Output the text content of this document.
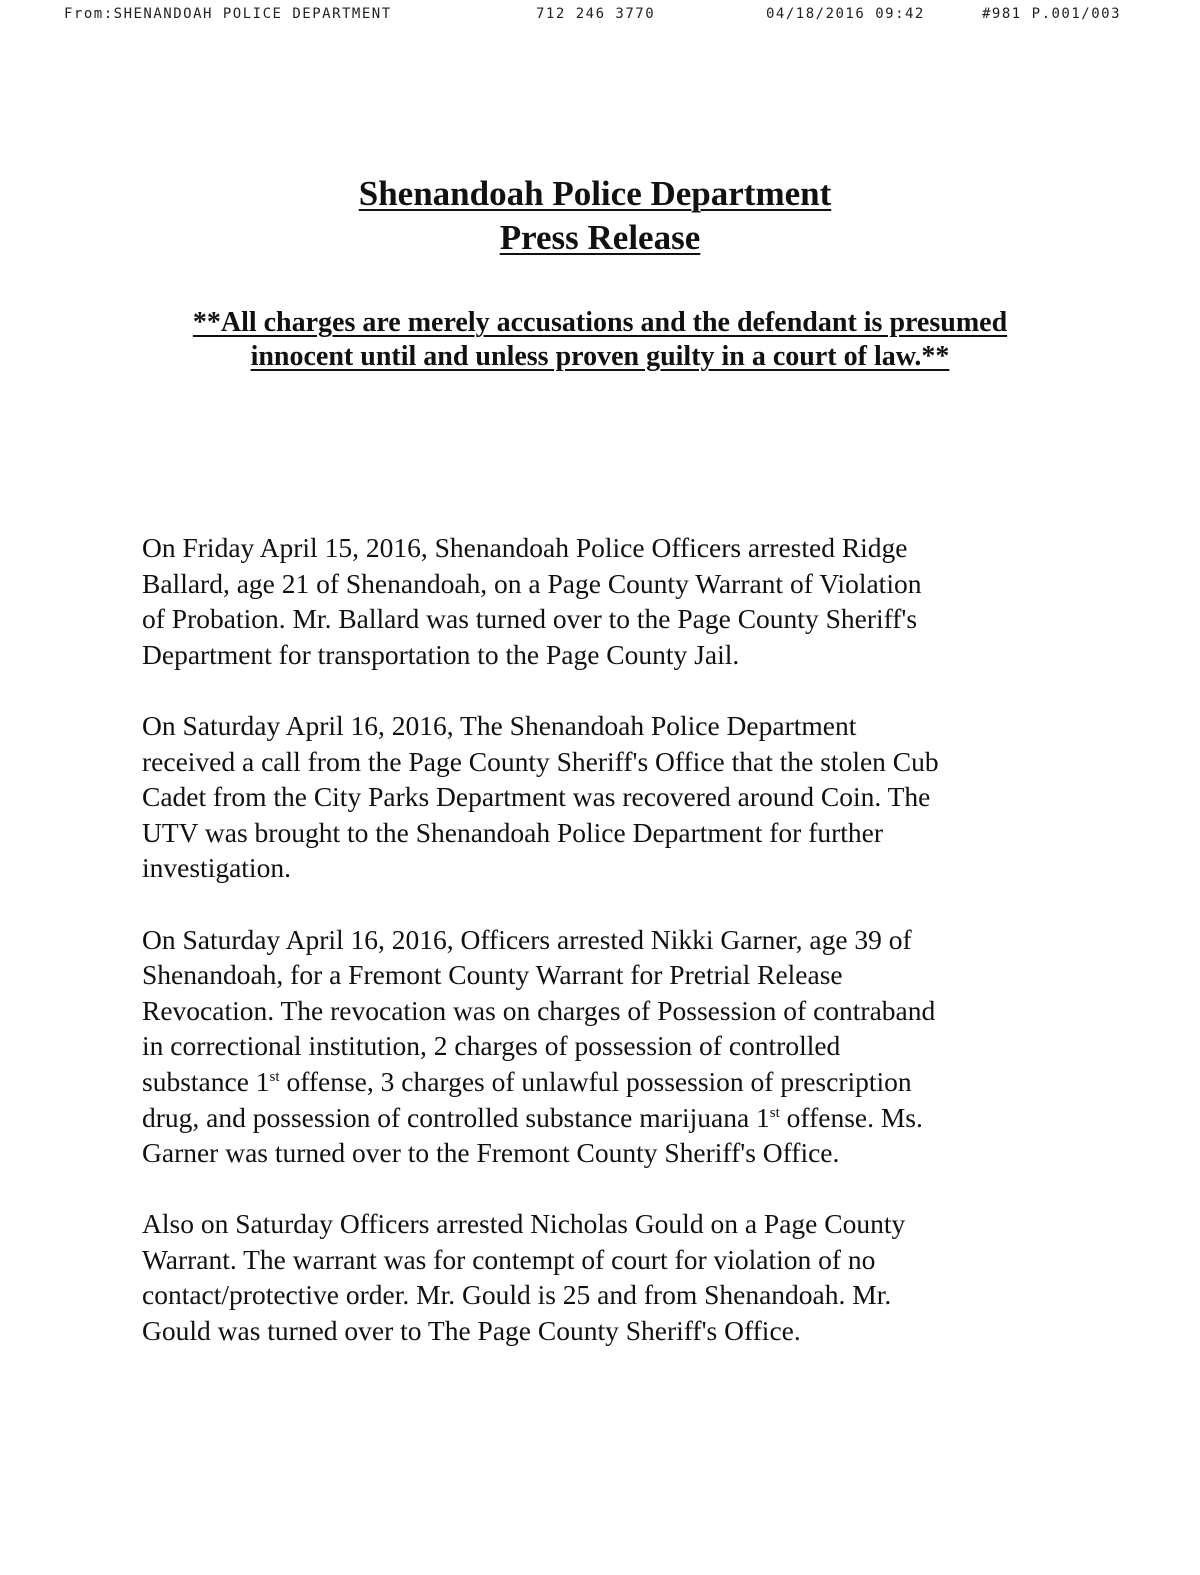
From:SHENANDOAH POLICE DEPARTMENT	712 246 3770	04/18/2016 09:42	#981 P.001/003
Shenandoah Police Department
Press Release
**All charges are merely accusations and the defendant is presumed
innocent until and unless proven guilty in a court of law.**

On Friday April 15, 2016, Shenandoah Police Officers arrested Ridge
Ballard, age 21 of Shenandoah, on a Page County Warrant of Violation
of Probation. Mr. Ballard was turned over to the Page County Sheriff's
Department for transportation to the Page County Jail.

On Saturday April 16, 2016, The Shenandoah Police Department
received a call from the Page County Sheriff's Office that the stolen Cub
Cadet from the City Parks Department was recovered around Coin. The
UTV was brought to the Shenandoah Police Department for further
investigation.

On Saturday April 16, 2016, Officers arrested Nikki Garner, age 39 of
Shenandoah, for a Fremont County Warrant for Pretrial Release
Revocation. The revocation was on charges of Possession of contraband
in correctional institution, 2 charges of possession of controlled
substance 1st offense, 3 charges of unlawful possession of prescription
drug, and possession of controlled substance marijuana 1st offense. Ms.
Garner was turned over to the Fremont County Sheriff's Office.

Also on Saturday Officers arrested Nicholas Gould on a Page County
Warrant. The warrant was for contempt of court for violation of no
contact/protective order. Mr. Gould is 25 and from Shenandoah. Mr.
Gould was turned over to The Page County Sheriff's Office.
